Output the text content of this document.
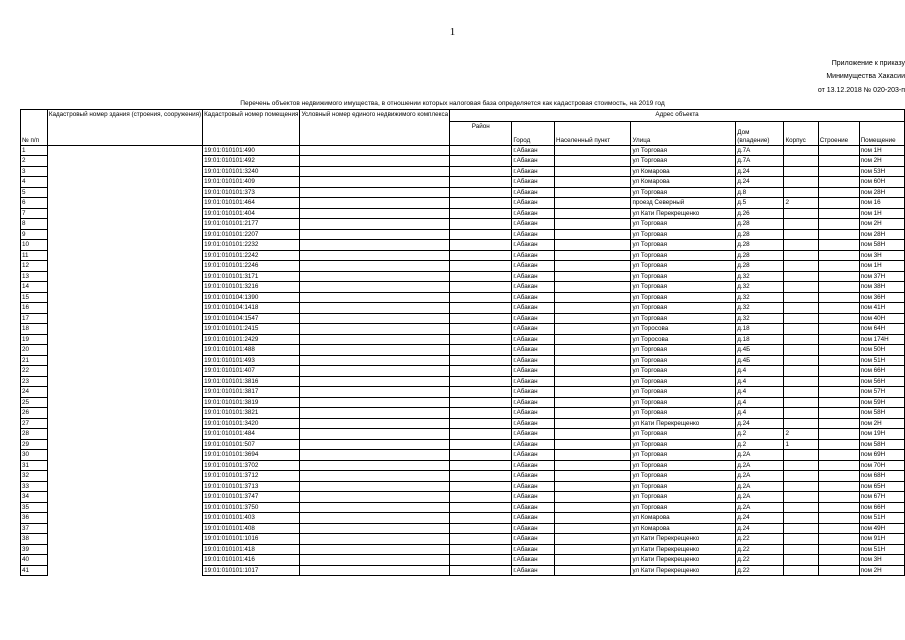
1
Приложение к приказу
Минимущества Хакасии
от 13.12.2018 № 020-203-п
Перечень объектов недвижимого имущества, в отношении которых налоговая база определяется как кадастровая стоимость, на 2019 год
№ п/п	Кадастровый номер здания (строения, сооружения)	Кадастровый номер помещения	Условный номер единого недвижимого комплекса	Адрес объекта							
				Район	Город	Населенный пункт	Улица	Дом (владение)	Корпус	Строение	Помещение
1		19:01:010101:490			г.Абакан		ул Торговая	д.7А			пом 1Н
2		19:01:010101:492			г.Абакан		ул Торговая	д.7А			пом 2Н
3		19:01:010101:3240			г.Абакан		ул Комарова	д.24			пом 53Н
4		19:01:010101:409			г.Абакан		ул Комарова	д.24			пом 60Н
5		19:01:010101:373			г.Абакан		ул Торговая	д.8			пом 28Н
6		19:01:010101:464			г.Абакан		проезд Северный	д.5	2		пом 16
7		19:01:010101:404			г.Абакан		ул Кати Перекрещенко	д.26			пом 1Н
8		19:01:010101:2177			г.Абакан		ул Торговая	д.28			пом 2Н
9		19:01:010101:2207			г.Абакан		ул Торговая	д.28			пом 28Н
10		19:01:010101:2232			г.Абакан		ул Торговая	д.28			пом 58Н
11		19:01:010101:2242			г.Абакан		ул Торговая	д.28			пом 3Н
12		19:01:010101:2246			г.Абакан		ул Торговая	д.28			пом 1Н
13		19:01:010101:3171			г.Абакан		ул Торговая	д.32			пом 37Н
14		19:01:010101:3216			г.Абакан		ул Торговая	д.32			пом 38Н
15		19:01:010104:1390			г.Абакан		ул Торговая	д.32			пом 36Н
16		19:01:010104:1418			г.Абакан		ул Торговая	д.32			пом 41Н
17		19:01:010104:1547			г.Абакан		ул Торговая	д.32			пом 40Н
18		19:01:010101:2415			г.Абакан		ул Торосова	д.18			пом 64Н
19		19:01:010101:2429			г.Абакан		ул Торосова	д.18			пом 174Н
20		19:01:010101:488			г.Абакан		ул Торговая	д.4Б			пом 50Н
21		19:01:010101:493			г.Абакан		ул Торговая	д.4Б			пом 51Н
22		19:01:010101:407			г.Абакан		ул Торговая	д.4			пом 66Н
23		19:01:010101:3816			г.Абакан		ул Торговая	д.4			пом 56Н
24		19:01:010101:3817			г.Абакан		ул Торговая	д.4			пом 57Н
25		19:01:010101:3819			г.Абакан		ул Торговая	д.4			пом 59Н
26		19:01:010101:3821			г.Абакан		ул Торговая	д.4			пом 58Н
27		19:01:010101:3420			г.Абакан		ул Кати Перекрещенко	д.24			пом 2Н
28		19:01:010101:484			г.Абакан		ул Торговая	д.2	2		пом 19Н
29		19:01:010101:507			г.Абакан		ул Торговая	д.2	1		пом 58Н
30		19:01:010101:3694			г.Абакан		ул Торговая	д.2А			пом 69Н
31		19:01:010101:3702			г.Абакан		ул Торговая	д.2А			пом 70Н
32		19:01:010101:3712			г.Абакан		ул Торговая	д.2А			пом 68Н
33		19:01:010101:3713			г.Абакан		ул Торговая	д.2А			пом 65Н
34		19:01:010101:3747			г.Абакан		ул Торговая	д.2А			пом 67Н
35		19:01:010101:3750			г.Абакан		ул Торговая	д.2А			пом 66Н
36		19:01:010101:403			г.Абакан		ул Комарова	д.24			пом 51Н
37		19:01:010101:408			г.Абакан		ул Комарова	д.24			пом 49Н
38		19:01:010101:1016			г.Абакан		ул Кати Перекрещенко	д.22			пом 91Н
39		19:01:010101:418			г.Абакан		ул Кати Перекрещенко	д.22			пом 51Н
40		19:01:010101:416			г.Абакан		ул Кати Перекрещенко	д.22			пом 3Н
41		19:01:010101:1017			г.Абакан		ул Кати Перекрещенко	д.22			пом 2Н
